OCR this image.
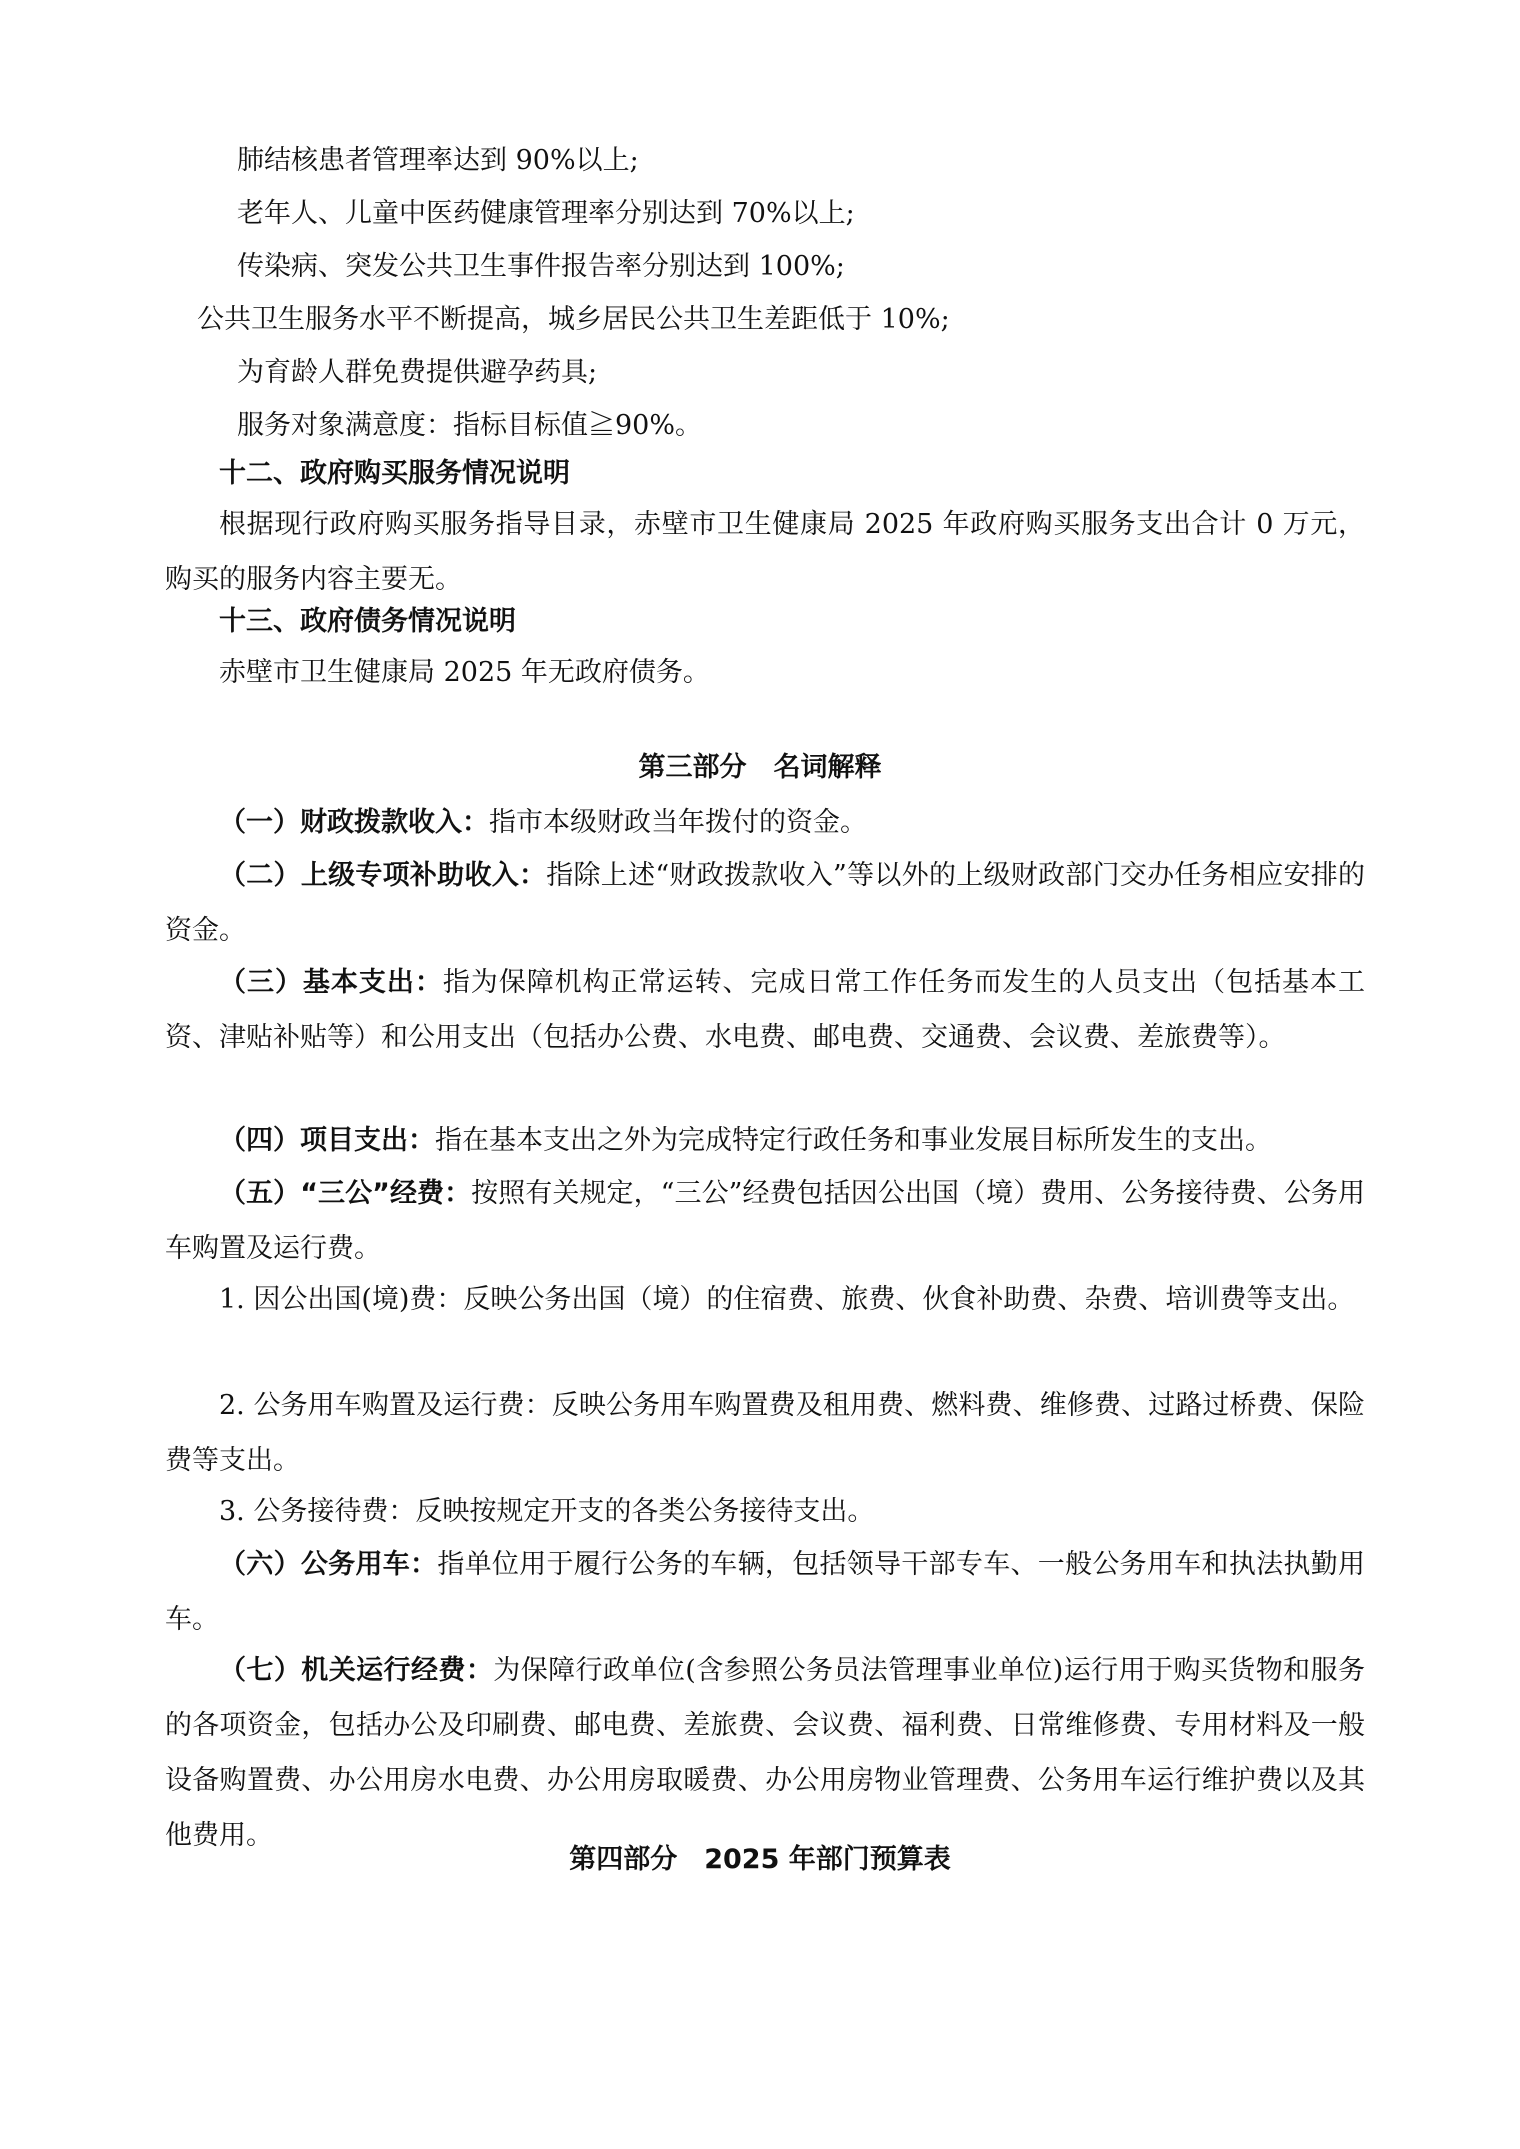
肺结核患者管理率达到 90%以上;
老年人、儿童中医药健康管理率分别达到 70%以上;
传染病、突发公共卫生事件报告率分别达到 100%;
公共卫生服务水平不断提高，城乡居民公共卫生差距低于 10%;
为育龄人群免费提供避孕药具;
服务对象满意度：指标目标值≧90%。
十二、政府购买服务情况说明
根据现行政府购买服务指导目录，赤壁市卫生健康局 2025 年政府购买服务支出合计 0 万元，购买的服务内容主要无。
十三、政府债务情况说明
赤壁市卫生健康局 2025 年无政府债务。
第三部分　名词解释
（一）财政拨款收入：指市本级财政当年拨付的资金。
（二）上级专项补助收入：指除上述“财政拨款收入”等以外的上级财政部门交办任务相应安排的资金。
（三）基本支出：指为保障机构正常运转、完成日常工作任务而发生的人员支出（包括基本工资、津贴补贴等）和公用支出（包括办公费、水电费、邮电费、交通费、会议费、差旅费等）。
（四）项目支出：指在基本支出之外为完成特定行政任务和事业发展目标所发生的支出。
（五）“三公”经费：按照有关规定，“三公”经费包括因公出国（境）费用、公务接待费、公务用车购置及运行费。
1. 因公出国(境)费：反映公务出国（境）的住宿费、旅费、伙食补助费、杂费、培训费等支出。
2. 公务用车购置及运行费：反映公务用车购置费及租用费、燃料费、维修费、过路过桥费、保险费等支出。
3. 公务接待费：反映按规定开支的各类公务接待支出。
（六）公务用车：指单位用于履行公务的车辆，包括领导干部专车、一般公务用车和执法执勤用车。
（七）机关运行经费：为保障行政单位(含参照公务员法管理事业单位)运行用于购买货物和服务的各项资金，包括办公及印刷费、邮电费、差旅费、会议费、福利费、日常维修费、专用材料及一般设备购置费、办公用房水电费、办公用房取暖费、办公用房物业管理费、公务用车运行维护费以及其他费用。
第四部分　2025 年部门预算表
